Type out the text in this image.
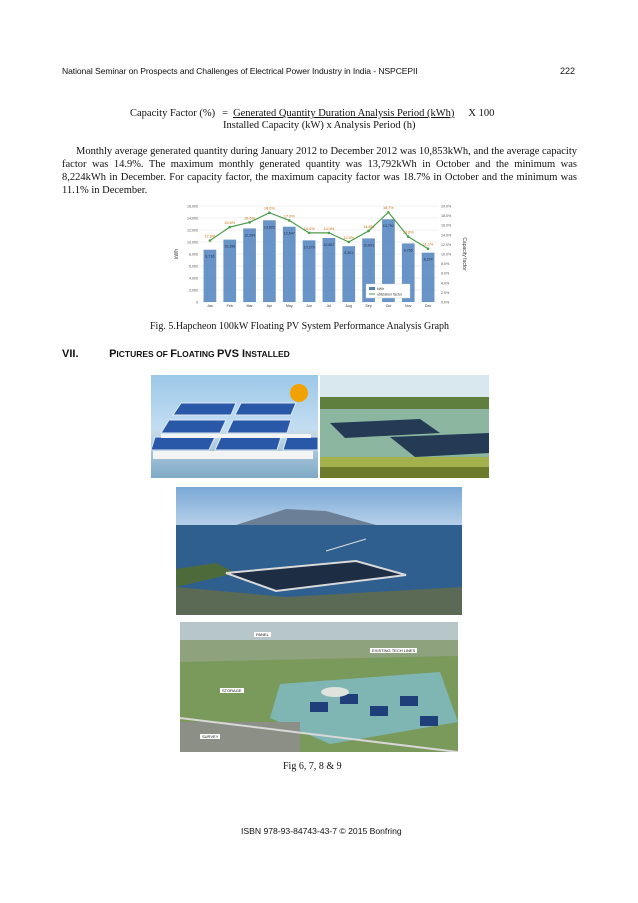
National Seminar on Prospects and Challenges of Electrical Power Industry in India - NSPCEPII	222
Capacity Factor (%) = Generated Quantity Duration Analysis Period (kWh) X 100
Installed Capacity (kW) x Analysis Period (h)
Monthly average generated quantity during January 2012 to December 2012 was 10,853kWh, and the average capacity factor was 14.9%. The maximum monthly generated quantity was 13,792kWh in October and the minimum was 8,224kWh in December. For capacity factor, the maximum capacity factor was 18.7% in October and the minimum was 11.1% in December.
0
2,000
4,000
6,000
8,000
10,000
12,000
14,000
16,000
0.0%
2.0%
4.0%
6.0%
8.0%
10.0%
12.0%
14.0%
16.0%
18.0%
20.0%
kWh	Capacity factor
8,716
Jan
10,396
Feb
12,264
Mar
13,622
Apr
12,547
May
10,279
Jun
10,667
Jul
9,301
Aug
10,601
Sep
13,792
Oct
9,765
Nov
8,224
Dec
12.8%
15.6%
16.6%
18.6%
17.0%
14.4% 14.4%
12.5%
14.8%
18.7%
13.6%
11.1%
kWh
utilization factor
Fig. 5.Hapcheon 100kW Floating PV System Performance Analysis Graph
VII.	PICTURES OF FLOATING PVS INSTALLED
PANEL
STORAGE
EXISTING TECH LINES
SURVEY
Fig 6, 7, 8 & 9
ISBN 978-93-84743-43-7 © 2015 Bonfring
